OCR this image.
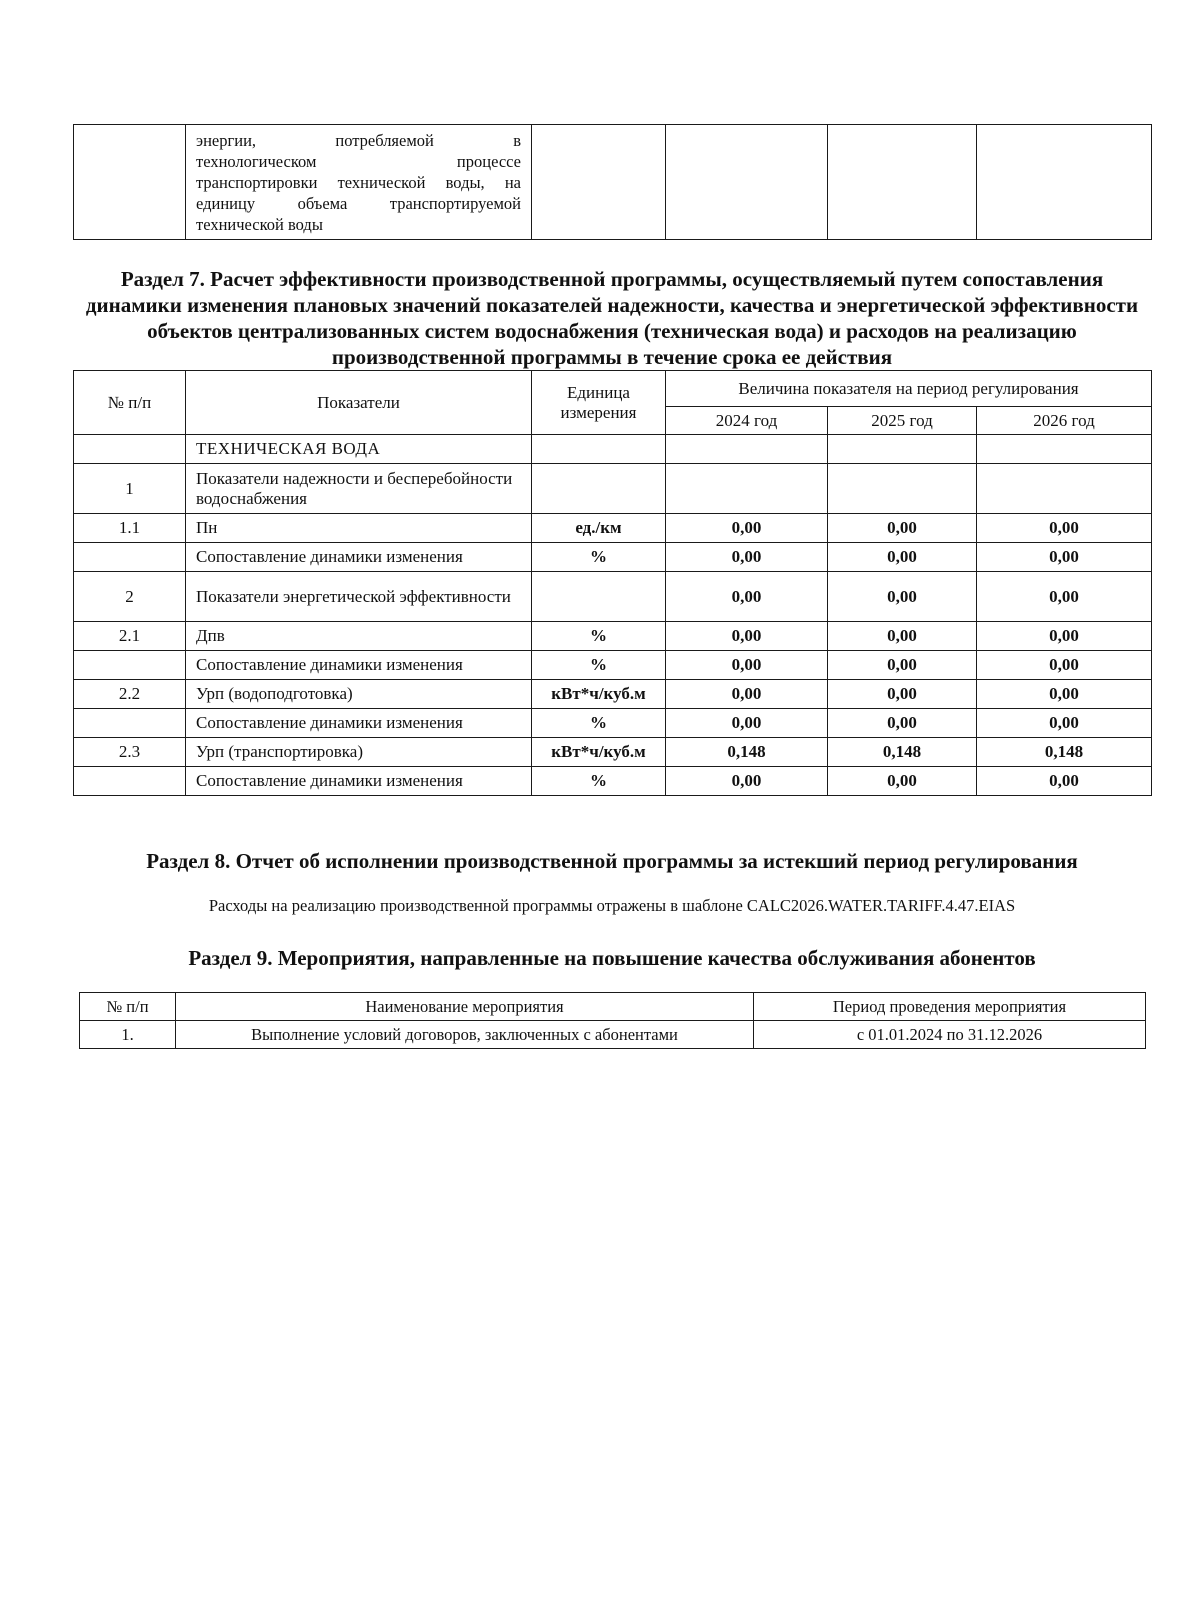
энергии, потребляемой в
технологическом процессе
транспортировки технической воды, на
единицу объема транспортируемой
технической воды

Раздел 7. Расчет эффективности производственной программы, осуществляемый путем сопоставления динамики изменения плановых значений показателей надежности, качества и энергетической эффективности объектов централизованных систем водоснабжения (техническая вода) и расходов на реализацию производственной программы в течение срока ее действия
№ п/п	Показатели	Единица измерения	Величина показателя на период регулирования		
			2024 год	2025 год	2026 год
	ТЕХНИЧЕСКАЯ ВОДА				
1	Показатели надежности и бесперебойности водоснабжения				
1.1	Пн	ед./км	0,00	0,00	0,00
	Сопоставление динамики изменения	%	0,00	0,00	0,00
2	Показатели энергетической эффективности		0,00	0,00	0,00
2.1	Дпв	%	0,00	0,00	0,00
	Сопоставление динамики изменения	%	0,00	0,00	0,00
2.2	Урп (водоподготовка)	кВт*ч/куб.м	0,00	0,00	0,00
	Сопоставление динамики изменения	%	0,00	0,00	0,00
2.3	Урп (транспортировка)	кВт*ч/куб.м	0,148	0,148	0,148
	Сопоставление динамики изменения	%	0,00	0,00	0,00
Раздел 8. Отчет об исполнении производственной программы за истекший период регулирования

Расходы на реализацию производственной программы отражены в шаблоне CALC2026.WATER.TARIFF.4.47.EIAS

Раздел 9. Мероприятия, направленные на повышение качества обслуживания абонентов
№ п/п	Наименование мероприятия	Период проведения мероприятия
1.	Выполнение условий договоров, заключенных с абонентами	с 01.01.2024 по 31.12.2026
